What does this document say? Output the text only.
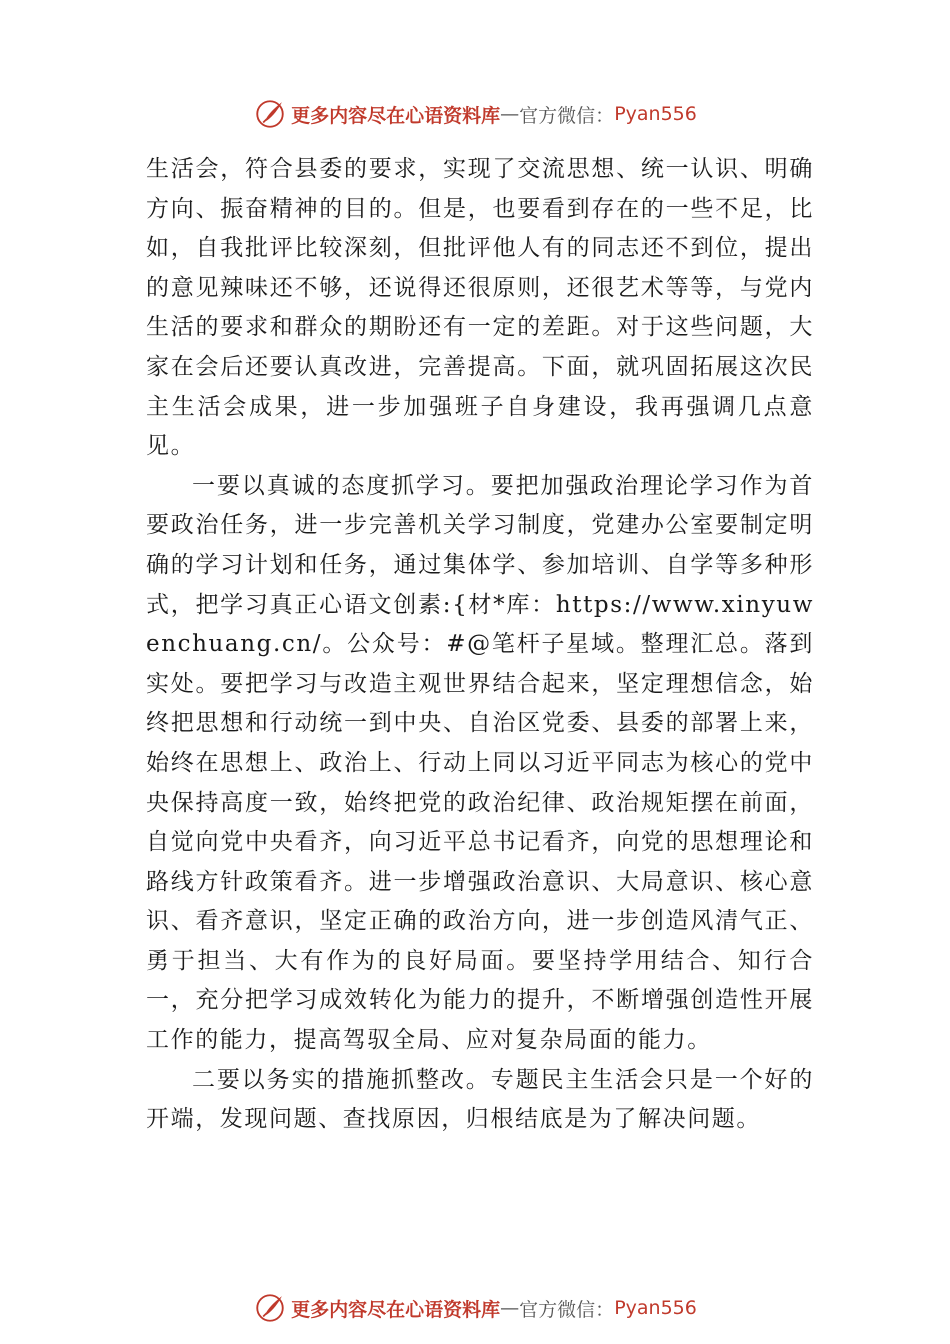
更多内容尽在心语资料库 — 官方微信： Pyan556

生活会，符合县委的要求，实现了交流思想、统一认识、明确方向、振奋精神的目的。但是，也要看到存在的一些不足，比如，自我批评比较深刻，但批评他人有的同志还不到位，提出的意见辣味还不够，还说得还很原则，还很艺术等等，与党内生活的要求和群众的期盼还有一定的差距。对于这些问题，大家在会后还要认真改进，完善提高。下面，就巩固拓展这次民主生活会成果，进一步加强班子自身建设，我再强调几点意见。

一要以真诚的态度抓学习。要把加强政治理论学习作为首要政治任务，进一步完善机关学习制度，党建办公室要制定明确的学习计划和任务，通过集体学、参加培训、自学等多种形式，把学习真正心语文创素:{材*库：https://www.xinyuwenchuang.cn/。公众号：#@笔杆子星域。整理汇总。落到实处。要把学习与改造主观世界结合起来，坚定理想信念，始终把思想和行动统一到中央、自治区党委、县委的部署上来，始终在思想上、政治上、行动上同以习近平同志为核心的党中央保持高度一致，始终把党的政治纪律、政治规矩摆在前面，自觉向党中央看齐，向习近平总书记看齐，向党的思想理论和路线方针政策看齐。进一步增强政治意识、大局意识、核心意识、看齐意识，坚定正确的政治方向，进一步创造风清气正、勇于担当、大有作为的良好局面。要坚持学用结合、知行合一，充分把学习成效转化为能力的提升，不断增强创造性开展工作的能力，提高驾驭全局、应对复杂局面的能力。

二要以务实的措施抓整改。专题民主生活会只是一个好的开端，发现问题、查找原因，归根结底是为了解决问题。

更多内容尽在心语资料库 — 官方微信： Pyan556
